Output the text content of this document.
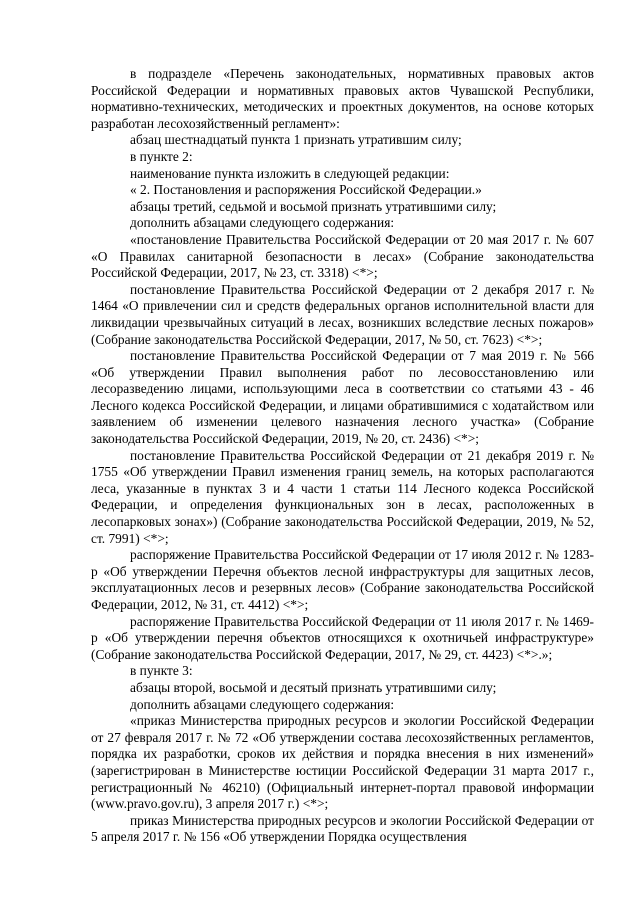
в подразделе «Перечень законодательных, нормативных правовых актов Российской Федерации и нормативных правовых актов Чувашской Республики, нормативно-технических, методических и проектных документов, на основе которых разработан лесохозяйственный регламент»:

абзац шестнадцатый пункта 1 признать утратившим силу;

в пункте 2:

наименование пункта изложить в следующей редакции:

« 2. Постановления и распоряжения Российской Федерации.»

абзацы третий, седьмой и восьмой признать утратившими силу;

дополнить абзацами следующего содержания:

«постановление Правительства Российской Федерации от 20 мая 2017 г. № 607 «О Правилах санитарной безопасности в лесах» (Собрание законодательства Российской Федерации, 2017, № 23, ст. 3318) <*>;

постановление Правительства Российской Федерации от 2 декабря 2017 г. № 1464 «О привлечении сил и средств федеральных органов исполнительной власти для ликвидации чрезвычайных ситуаций в лесах, возникших вследствие лесных пожаров» (Собрание законодательства Российской Федерации, 2017, № 50, ст. 7623) <*>;

постановление Правительства Российской Федерации от 7 мая 2019 г. № 566 «Об утверждении Правил выполнения работ по лесовосстановлению или лесоразведению лицами, использующими леса в соответствии со статьями 43 - 46 Лесного кодекса Российской Федерации, и лицами обратившимися с ходатайством или заявлением об изменении целевого назначения лесного участка» (Собрание законодательства Российской Федерации, 2019, № 20, ст. 2436) <*>;

постановление Правительства Российской Федерации от 21 декабря 2019 г. № 1755 «Об утверждении Правил изменения границ земель, на которых располагаются леса, указанные в пунктах 3 и 4 части 1 статьи 114 Лесного кодекса Российской Федерации, и определения функциональных зон в лесах, расположенных в лесопарковых зонах») (Собрание законодательства Российской Федерации, 2019, № 52, ст. 7991) <*>;

распоряжение Правительства Российской Федерации от 17 июля 2012 г. № 1283-р «Об утверждении Перечня объектов лесной инфраструктуры для защитных лесов, эксплуатационных лесов и резервных лесов» (Собрание законодательства Российской Федерации, 2012, № 31, ст. 4412) <*>;

распоряжение Правительства Российской Федерации от 11 июля 2017 г. № 1469-р «Об утверждении перечня объектов относящихся к охотничьей инфраструктуре» (Собрание законодательства Российской Федерации, 2017, № 29, ст. 4423) <*>.»;

в пункте 3:

абзацы второй, восьмой и десятый признать утратившими силу;

дополнить абзацами следующего содержания:

«приказ Министерства природных ресурсов и экологии Российской Федерации от 27 февраля 2017 г. № 72 «Об утверждении состава лесохозяйственных регламентов, порядка их разработки, сроков их действия и порядка внесения в них изменений» (зарегистрирован в Министерстве юстиции Российской Федерации 31 марта 2017 г., регистрационный № 46210) (Официальный интернет-портал правовой информации (www.pravo.gov.ru), 3 апреля 2017 г.) <*>;

приказ Министерства природных ресурсов и экологии Российской Федерации от 5 апреля 2017 г. № 156 «Об утверждении Порядка осуществления
